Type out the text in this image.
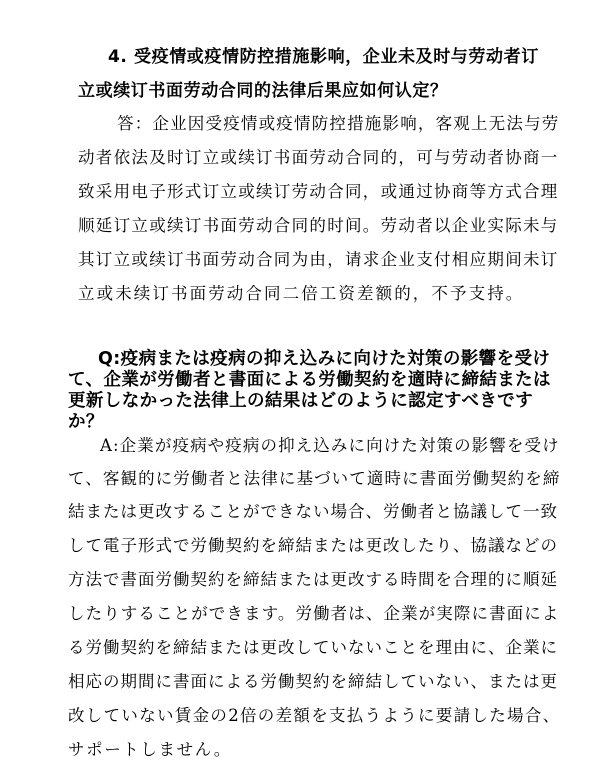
4. 受疫情或疫情防控措施影响，企业未及时与劳动者订

立或续订书面劳动合同的法律后果应如何认定？

答：企业因受疫情或疫情防控措施影响，客观上无法与劳

动者依法及时订立或续订书面劳动合同的，可与劳动者协商一

致采用电子形式订立或续订劳动合同，或通过协商等方式合理

顺延订立或续订书面劳动合同的时间。劳动者以企业实际未与

其订立或续订书面劳动合同为由，请求企业支付相应期间未订

立或未续订书面劳动合同二倍工资差额的，不予支持。

Q:疫病または疫病の抑え込みに向けた対策の影響を受け

て、企業が労働者と書面による労働契約を適時に締結または

更新しなかった法律上の結果はどのように認定すべきです

か？

A:企業が疫病や疫病の抑え込みに向けた対策の影響を受け

て、客観的に労働者と法律に基づいて適時に書面労働契約を締

結または更改することができない場合、労働者と協議して一致

して電子形式で労働契約を締結または更改したり、協議などの

方法で書面労働契約を締結または更改する時間を合理的に順延

したりすることができます。労働者は、企業が実際に書面によ

る労働契約を締結または更改していないことを理由に、企業に

相応の期間に書面による労働契約を締結していない、または更

改していない賃金の2倍の差額を支払うように要請した場合、

サポートしません。
